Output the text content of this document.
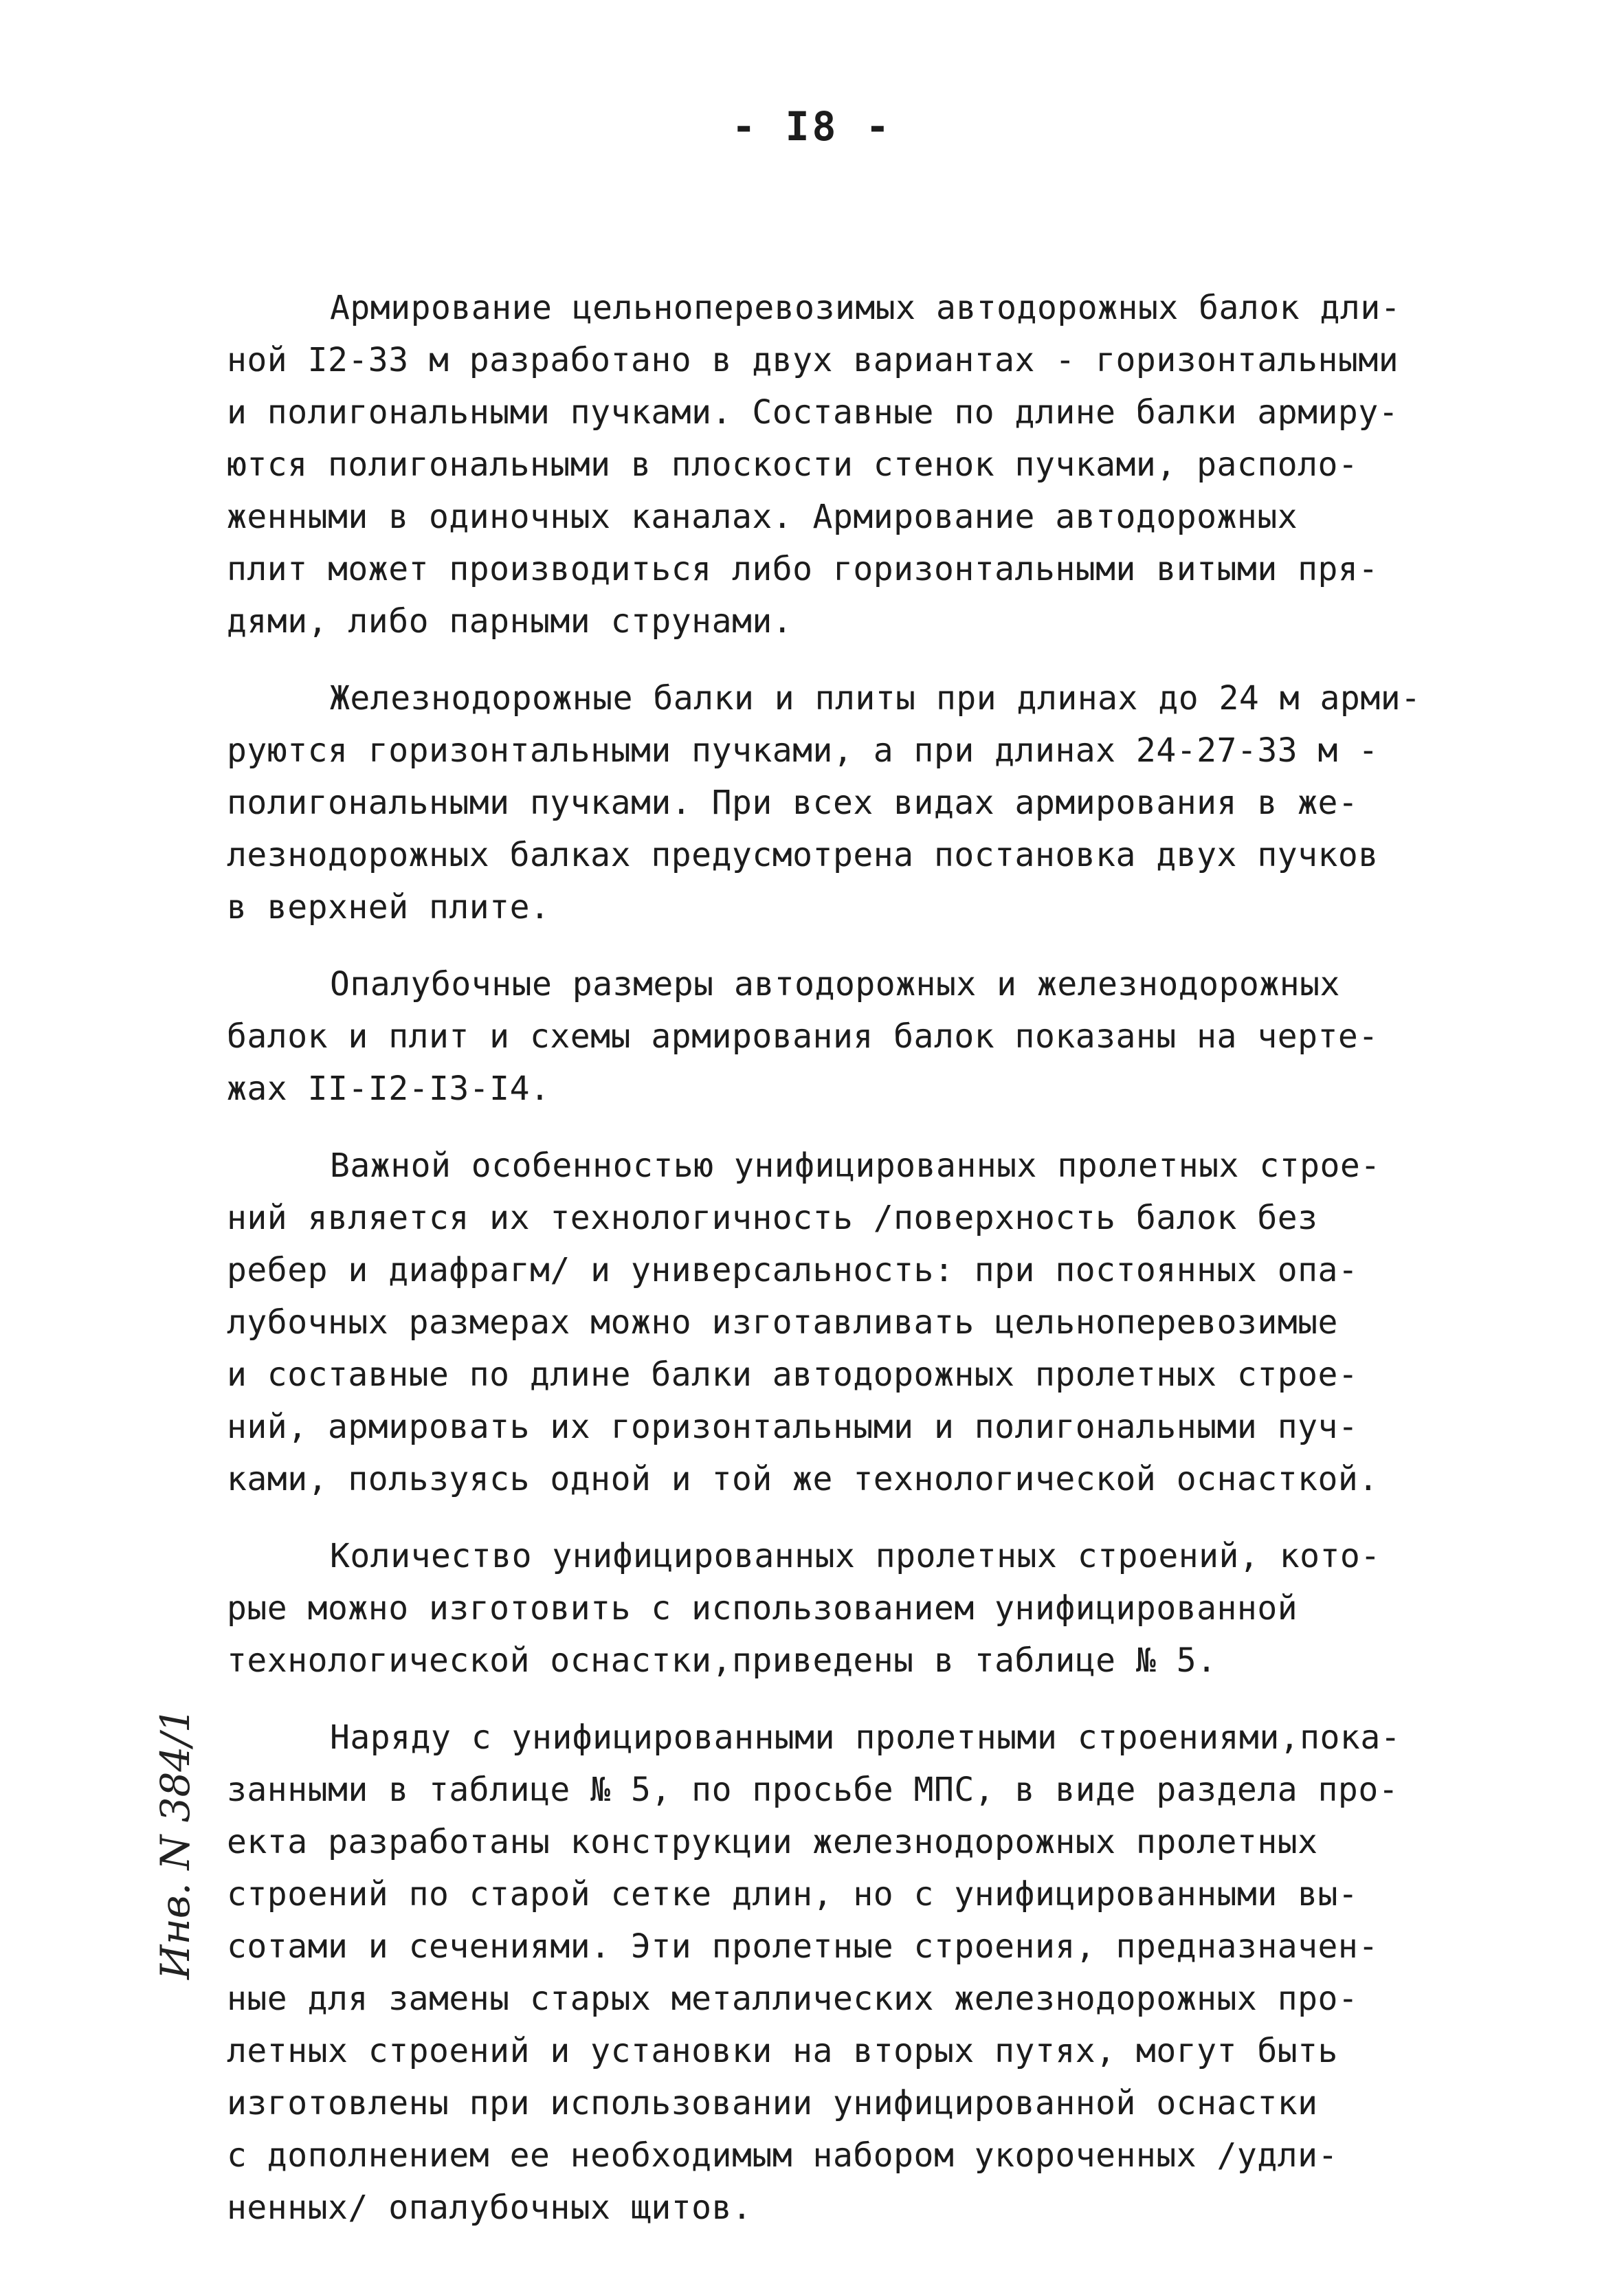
- I8 -
Армирование цельноперевозимых автодорожных балок дли-
ной I2-33 м разработано в двух вариантах - горизонтальными
и полигональными пучками. Составные по длине балки армиру-
ются полигональными в плоскости стенок пучками, располо-
женными в одиночных каналах. Армирование автодорожных
плит может производиться либо горизонтальными витыми пря-
дями, либо парными струнами.
Железнодорожные балки и плиты при длинах до 24 м арми-
руются горизонтальными пучками, а при длинах 24-27-33 м -
полигональными пучками. При всех видах армирования в же-
лезнодорожных балках предусмотрена постановка двух пучков
в верхней плите.
Опалубочные размеры автодорожных и железнодорожных
балок и плит и схемы армирования балок показаны на черте-
жах II-I2-I3-I4.
Важной особенностью унифицированных пролетных строе-
ний является их технологичность /поверхность балок без
ребер и диафрагм/ и универсальность: при постоянных опа-
лубочных размерах можно изготавливать цельноперевозимые
и составные по длине балки автодорожных пролетных строе-
ний, армировать их горизонтальными и полигональными пуч-
ками, пользуясь одной и той же технологической оснасткой.
Количество унифицированных пролетных строений, кото-
рые можно изготовить с использованием унифицированной
технологической оснастки,приведены в таблице № 5.
Наряду с унифицированными пролетными строениями,пока-
занными в таблице № 5, по просьбе МПС, в виде раздела про-
екта разработаны конструкции железнодорожных пролетных
строений по старой сетке длин, но с унифицированными вы-
сотами и сечениями. Эти пролетные строения, предназначен-
ные для замены старых металлических железнодорожных про-
летных строений и установки на вторых путях, могут быть
изготовлены при использовании унифицированной оснастки
с дополнением ее необходимым набором укороченных /удли-
ненных/ опалубочных щитов.
Инв. N 384/1
